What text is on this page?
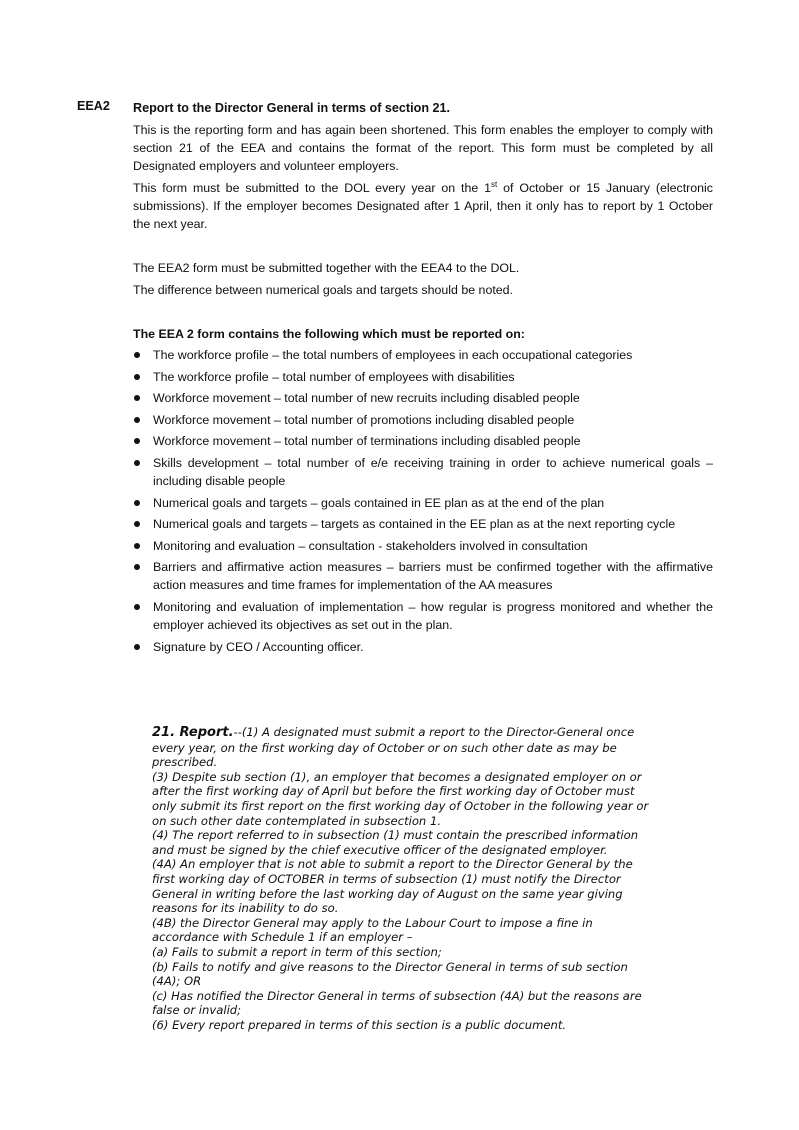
EEA2 Report to the Director General in terms of section 21.

This is the reporting form and has again been shortened. This form enables the employer to comply with section 21 of the EEA and contains the format of the report. This form must be completed by all Designated employers and volunteer employers.

This form must be submitted to the DOL every year on the 1st of October or 15 January (electronic submissions). If the employer becomes Designated after 1 April, then it only has to report by 1 October the next year.

The EEA2 form must be submitted together with the EEA4 to the DOL.

The difference between numerical goals and targets should be noted.

The EEA 2 form contains the following which must be reported on:

The workforce profile – the total numbers of employees in each occupational categories
The workforce profile – total number of employees with disabilities
Workforce movement – total number of new recruits including disabled people
Workforce movement – total number of promotions including disabled people
Workforce movement – total number of terminations including disabled people
Skills development – total number of e/e receiving training in order to achieve numerical goals – including disable people
Numerical goals and targets – goals contained in EE plan as at the end of the plan
Numerical goals and targets – targets as contained in the EE plan as at the next reporting cycle
Monitoring and evaluation – consultation - stakeholders involved in consultation
Barriers and affirmative action measures – barriers must be confirmed together with the affirmative action measures and time frames for implementation of the AA measures
Monitoring and evaluation of implementation – how regular is progress monitored and whether the employer achieved its objectives as set out in the plan.
Signature by CEO / Accounting officer.

21. Report.--(1) A designated must submit a report to the Director-General once
every year, on the first working day of October or on such other date as may be
prescribed.

(3) Despite sub section (1), an employer that becomes a designated employer on or
after the first working day of April but before the first working day of October must
only submit its first report on the first working day of October in the following year or
on such other date contemplated in subsection 1.

(4) The report referred to in subsection (1) must contain the prescribed information
and must be signed by the chief executive officer of the designated employer.

(4A) An employer that is not able to submit a report to the Director General by the
first working day of OCTOBER in terms of subsection (1) must notify the Director
General in writing before the last working day of August on the same year giving
reasons for its inability to do so.

(4B) the Director General may apply to the Labour Court to impose a fine in
accordance with Schedule 1 if an employer –

(a) Fails to submit a report in term of this section;

(b) Fails to notify and give reasons to the Director General in terms of sub section
(4A); OR

(c) Has notified the Director General in terms of subsection (4A) but the reasons are
false or invalid;

(6) Every report prepared in terms of this section is a public document.
